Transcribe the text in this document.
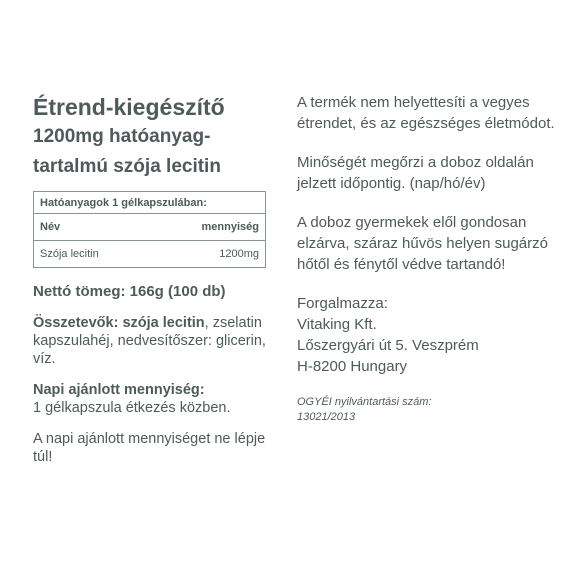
Étrend-kiegészítő

1200mg hatóanyag-

tartalmú szója lecitin

Hatóanyagok 1 gélkapszulában:
Név	mennyiség
Szója lecitin	1200mg

Nettó tömeg: 166g (100 db)

Összetevők: szója lecitin, zselatin kapszulahéj, nedvesítőszer: glicerin, víz.

Napi ajánlott mennyiség:
1 gélkapszula étkezés közben.

A napi ajánlott mennyiséget ne lépje túl!

A termék nem helyettesíti a vegyes étrendet, és az egészséges életmódot.

Minőségét megőrzi a doboz oldalán jelzett időpontig. (nap/hó/év)

A doboz gyermekek elől gondosan elzárva, száraz hűvös helyen sugárzó hőtől és fénytől védve tartandó!

Forgalmazza:
Vitaking Kft.
Lőszergyári út 5. Veszprém
H-8200 Hungary
OGYÉI nyilvántartási szám:
13021/2013
